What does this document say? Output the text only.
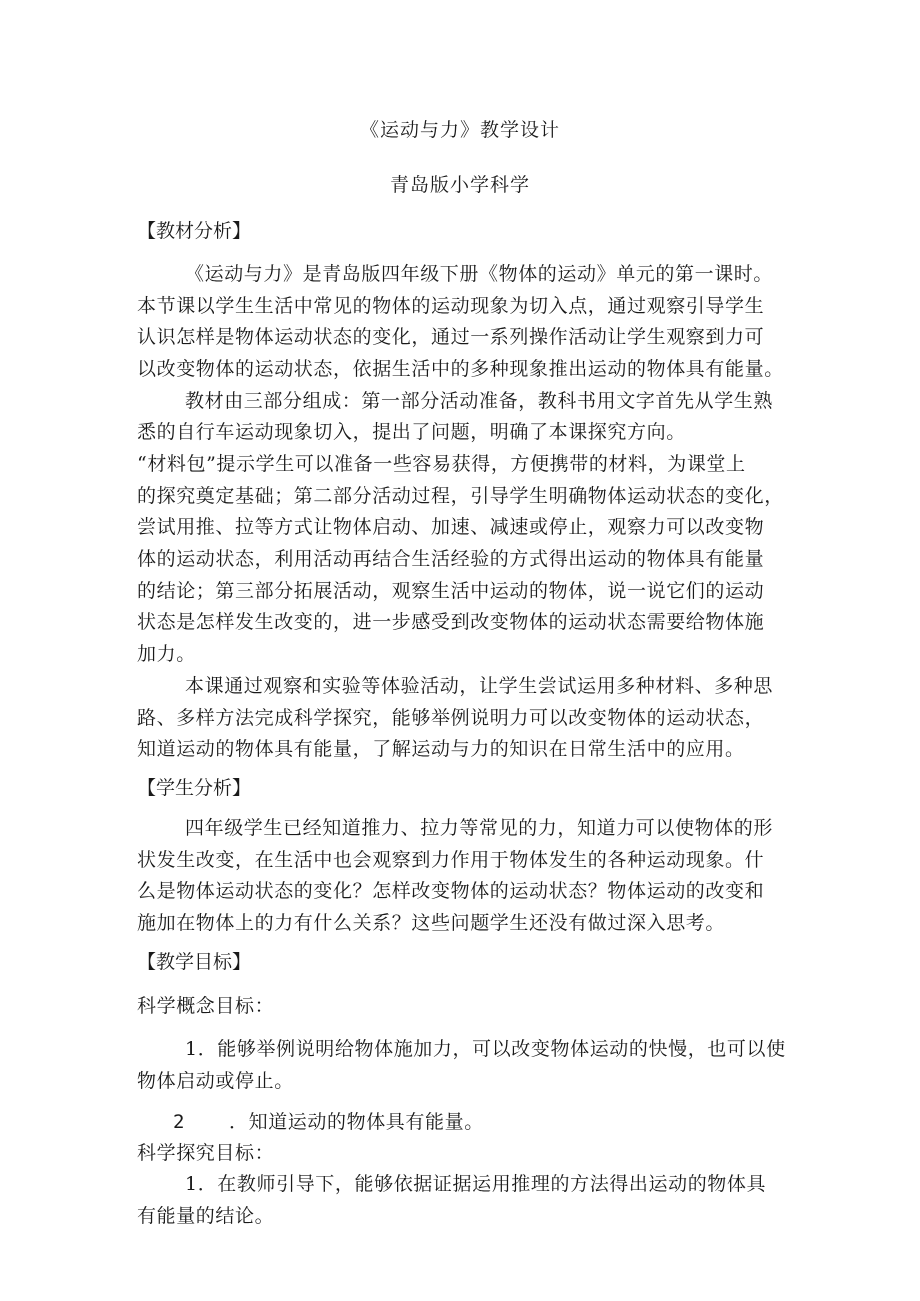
《运动与力》教学设计
青岛版小学科学
【教材分析】
《运动与力》是青岛版四年级下册《物体的运动》单元的第一课时。
本节课以学生生活中常见的物体的运动现象为切入点，通过观察引导学生
认识怎样是物体运动状态的变化，通过一系列操作活动让学生观察到力可
以改变物体的运动状态，依据生活中的多种现象推出运动的物体具有能量。
教材由三部分组成：第一部分活动准备，教科书用文字首先从学生熟
悉的自行车运动现象切入，提出了问题，明确了本课探究方向。
“材料包”提示学生可以准备一些容易获得，方便携带的材料，为课堂上
的探究奠定基础；第二部分活动过程，引导学生明确物体运动状态的变化，
尝试用推、拉等方式让物体启动、加速、减速或停止，观察力可以改变物
体的运动状态，利用活动再结合生活经验的方式得出运动的物体具有能量
的结论；第三部分拓展活动，观察生活中运动的物体，说一说它们的运动
状态是怎样发生改变的，进一步感受到改变物体的运动状态需要给物体施
加力。
本课通过观察和实验等体验活动，让学生尝试运用多种材料、多种思
路、多样方法完成科学探究，能够举例说明力可以改变物体的运动状态，
知道运动的物体具有能量，了解运动与力的知识在日常生活中的应用。
【学生分析】
四年级学生已经知道推力、拉力等常见的力，知道力可以使物体的形
状发生改变，在生活中也会观察到力作用于物体发生的各种运动现象。什
么是物体运动状态的变化？怎样改变物体的运动状态？物体运动的改变和
施加在物体上的力有什么关系？这些问题学生还没有做过深入思考。
【教学目标】
科学概念目标：
1．能够举例说明给物体施加力，可以改变物体运动的快慢，也可以使
物体启动或停止。
2 ．知道运动的物体具有能量。
科学探究目标：
1．在教师引导下，能够依据证据运用推理的方法得出运动的物体具
有能量的结论。
